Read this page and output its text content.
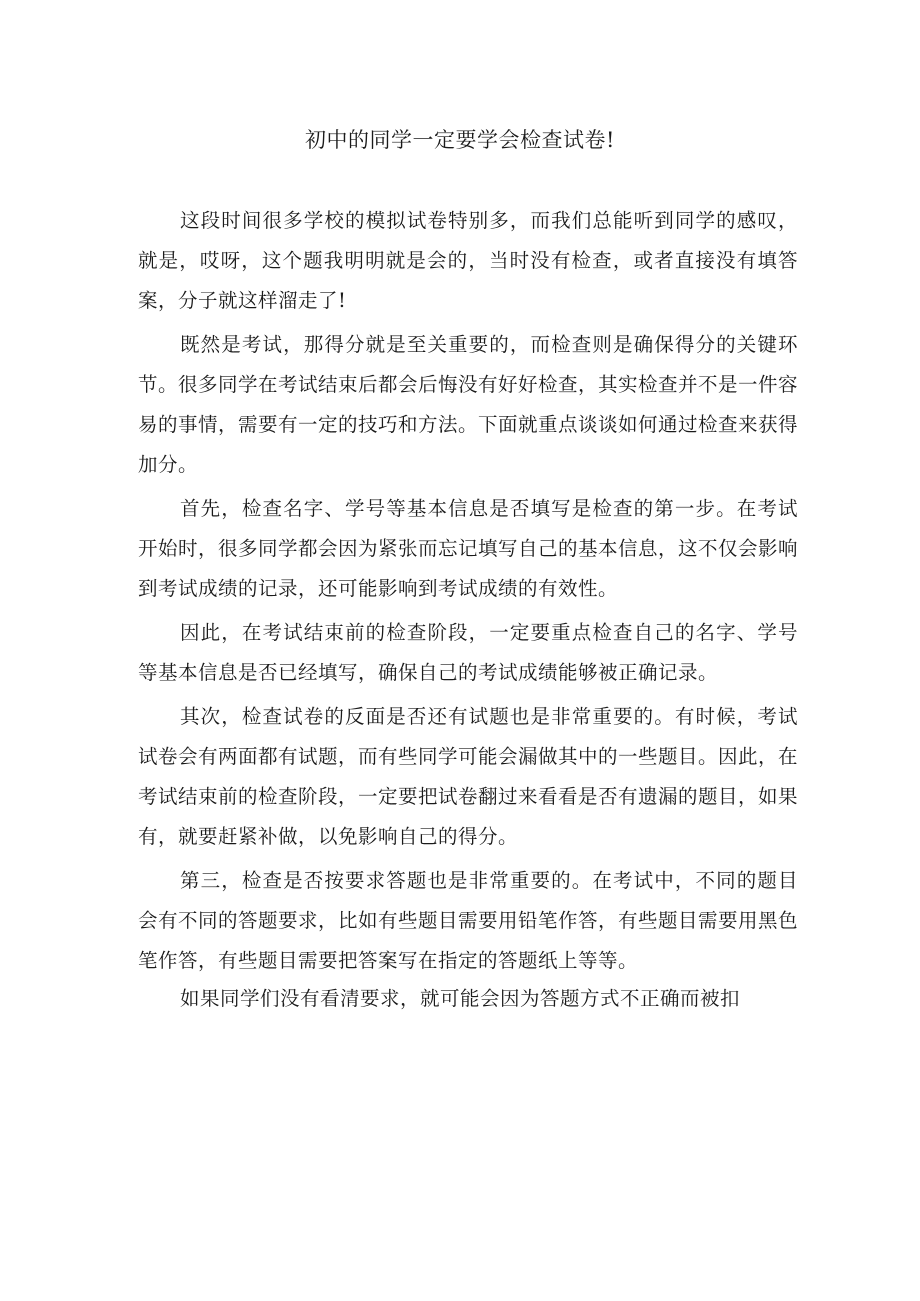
初中的同学一定要学会检查试卷!

这段时间很多学校的模拟试卷特别多，而我们总能听到同学的感叹，就是，哎呀，这个题我明明就是会的，当时没有检查，或者直接没有填答案，分子就这样溜走了!

既然是考试，那得分就是至关重要的，而检查则是确保得分的关键环节。很多同学在考试结束后都会后悔没有好好检查，其实检查并不是一件容易的事情，需要有一定的技巧和方法。下面就重点谈谈如何通过检查来获得加分。

首先，检查名字、学号等基本信息是否填写是检查的第一步。在考试开始时，很多同学都会因为紧张而忘记填写自己的基本信息，这不仅会影响到考试成绩的记录，还可能影响到考试成绩的有效性。

因此，在考试结束前的检查阶段，一定要重点检查自己的名字、学号等基本信息是否已经填写，确保自己的考试成绩能够被正确记录。

其次，检查试卷的反面是否还有试题也是非常重要的。有时候，考试试卷会有两面都有试题，而有些同学可能会漏做其中的一些题目。因此，在考试结束前的检查阶段，一定要把试卷翻过来看看是否有遗漏的题目，如果有，就要赶紧补做，以免影响自己的得分。

第三，检查是否按要求答题也是非常重要的。在考试中，不同的题目会有不同的答题要求，比如有些题目需要用铅笔作答，有些题目需要用黑色笔作答，有些题目需要把答案写在指定的答题纸上等等。

如果同学们没有看清要求，就可能会因为答题方式不正确而被扣
